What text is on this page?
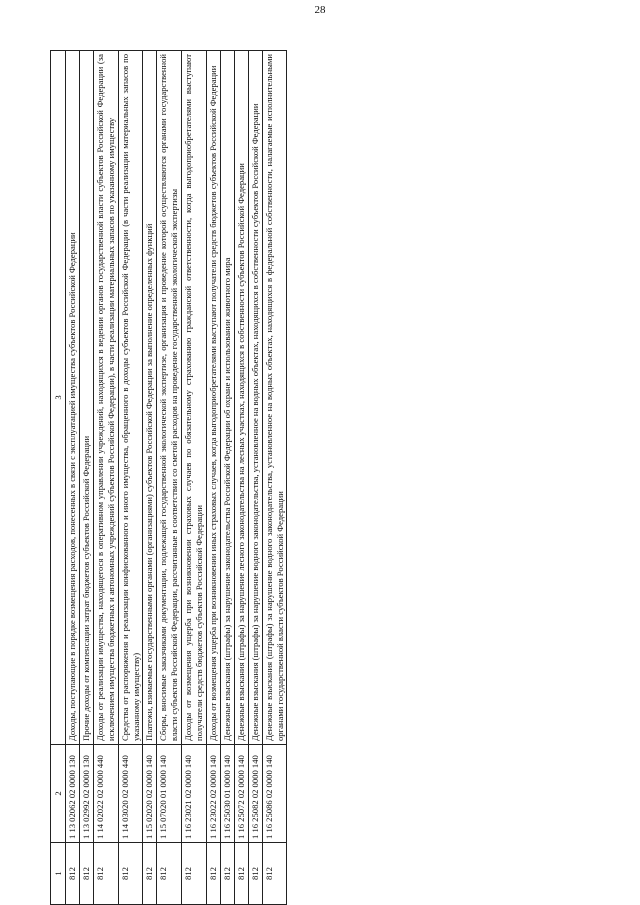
28
1	2	3
812	1 13 02062 02 0000 130	Доходы, поступающие в порядке возмещения расходов, понесенных в связи с эксплуатацией имущества субъектов Российской Федерации
812	1 13 02992 02 0000 130	Прочие доходы от компенсации затрат бюджетов субъектов Российской Федерации
812	1 14 02022 02 0000 440	Доходы от реализации имущества, находящегося в оперативном управлении учреждений, находящихся в ведении органов государственной власти субъектов Российской Федерации (за исключением имущества бюджетных и автономных учреждений субъектов Российской Федерации), в части реализации материальных запасов по указанному имуществу
812	1 14 03020 02 0000 440	Средства от распоряжения и реализации конфискованного и иного имущества, обращенного в доходы субъектов Российской Федерации (в части реализации материальных запасов по указанному имуществу)
812	1 15 02020 02 0000 140	Платежи, взимаемые государственными органами (организациями) субъектов Российской Федерации за выполнение определенных функций
812	1 15 07020 01 0000 140	Сборы, вносимые заказчиками документации, подлежащей государственной экологической экспертизе, организация и проведение которой осуществляются органами государственной власти субъектов Российской Федерации, рассчитанные в соответствии со сметой расходов на проведение государственной экологической экспертизы
812	1 16 23021 02 0000 140	Доходы от возмещения ущерба при возникновении страховых случаев по обязательному страхованию гражданской ответственности, когда выгодоприобретателями выступают получатели средств бюджетов субъектов Российской Федерации
812	1 16 23022 02 0000 140	Доходы от возмещения ущерба при возникновении иных страховых случаев, когда выгодоприобретателями выступают получатели средств бюджетов субъектов Российской Федерации
812	1 16 25030 01 0000 140	Денежные взыскания (штрафы) за нарушение законодательства Российской Федерации об охране и использовании животного мира
812	1 16 25072 02 0000 140	Денежные взыскания (штрафы) за нарушение лесного законодательства на лесных участках, находящихся в собственности субъектов Российской Федерации
812	1 16 25082 02 0000 140	Денежные взыскания (штрафы) за нарушение водного законодательства, установленное на водных объектах, находящихся в собственности субъектов Российской Федерации
812	1 16 25086 02 0000 140	Денежные взыскания (штрафы) за нарушение водного законодательства, установленное на водных объектах, находящихся в федеральной собственности, налагаемые исполнительными органами государственной власти субъектов Российской Федерации
